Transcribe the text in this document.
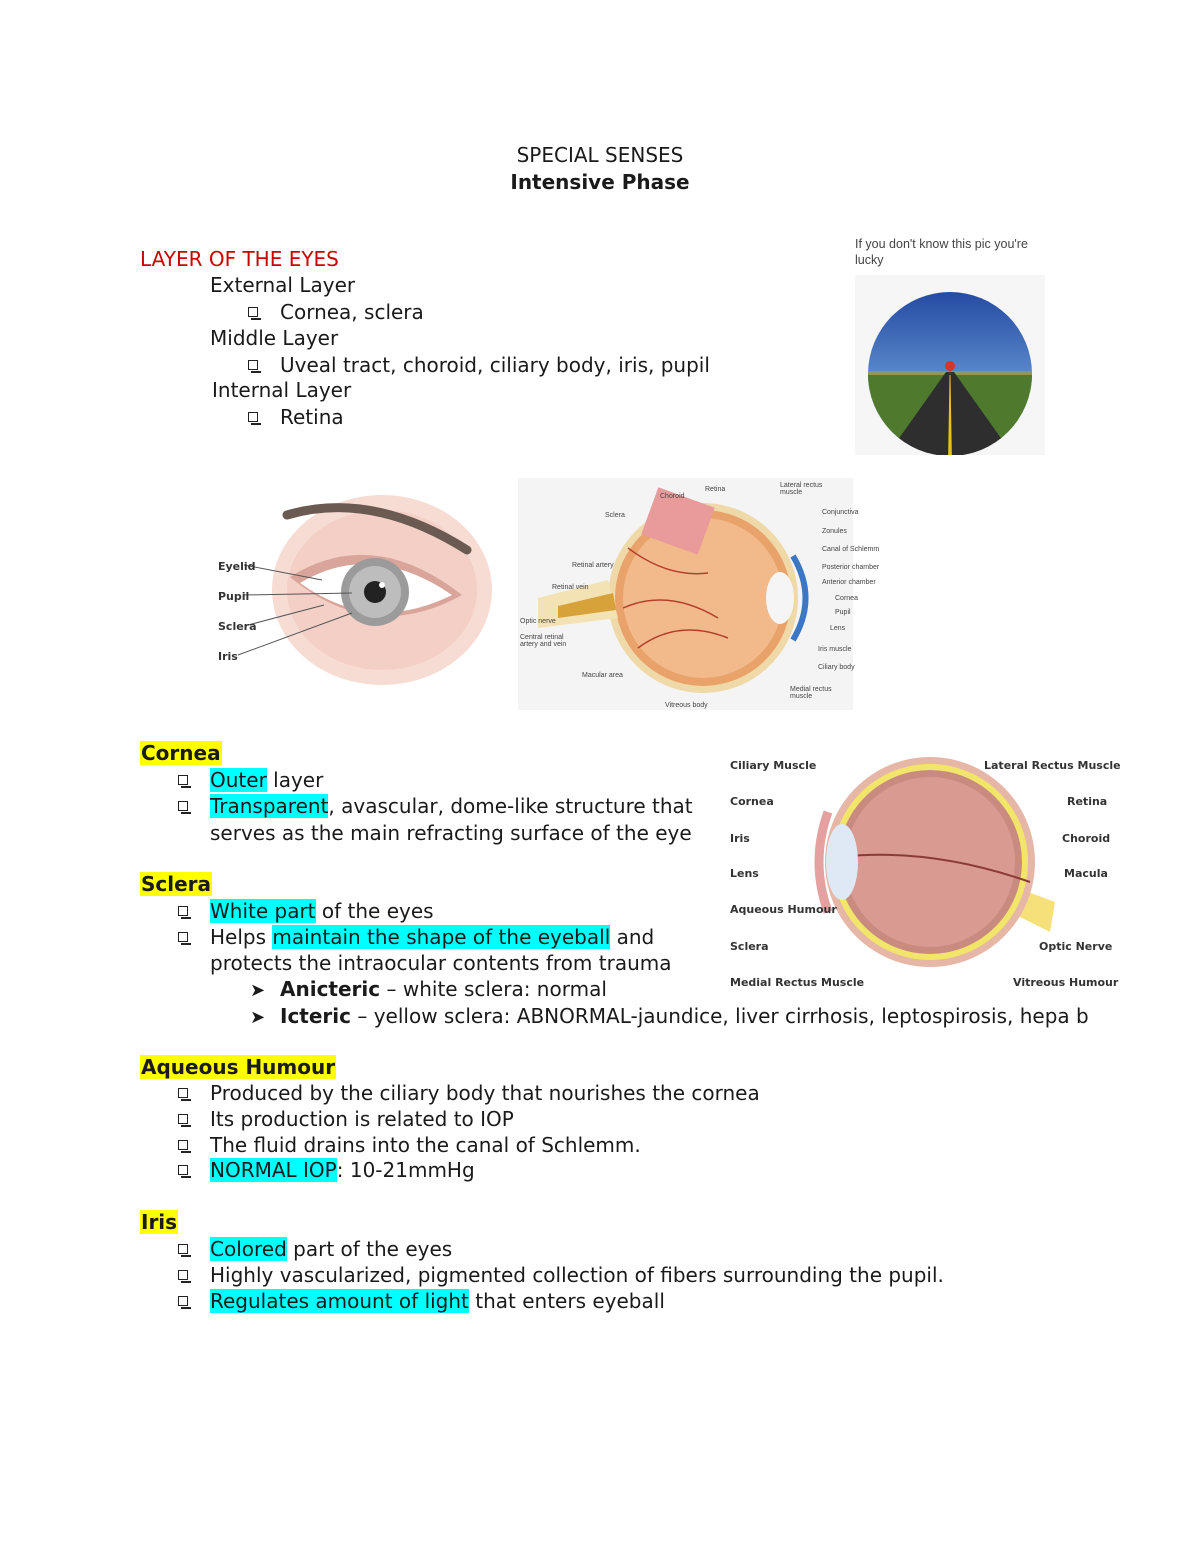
SPECIAL SENSES
Intensive Phase
LAYER OF THE EYES
External Layer
Cornea, sclera
Middle Layer
Uveal tract, choroid, ciliary body, iris, pupil
Internal Layer
Retina
If you don't know this pic you're lucky
Eyelid
Pupil
Sclera
Iris
Sclera
Retinal artery
Retinal vein
Optic nerve
Central retinal artery and vein
Macular area
Choroid
Retina
Lateral rectus muscle
Conjunctiva
Zonules
Canal of Schlemm
Posterior chamber
Anterior chamber
Cornea
Pupil
Lens
Iris muscle
Ciliary body
Medial rectus muscle
Vitreous body
Cornea
Outer layer
Transparent, avascular, dome-like structure that
serves as the main refracting surface of the eye
Ciliary Muscle
Cornea
Iris
Lens
Aqueous Humour
Sclera
Medial Rectus Muscle
Lateral Rectus Muscle
Retina
Choroid
Macula
Optic Nerve
Vitreous Humour
Sclera
White part of the eyes
Helps maintain the shape of the eyeball and
protects the intraocular contents from trauma
➤ Anicteric – white sclera: normal
➤ Icteric – yellow sclera: ABNORMAL-jaundice, liver cirrhosis, leptospirosis, hepa b
Aqueous Humour
Produced by the ciliary body that nourishes the cornea
Its production is related to IOP
The fluid drains into the canal of Schlemm.
NORMAL IOP: 10-21mmHg
Iris
Colored part of the eyes
Highly vascularized, pigmented collection of fibers surrounding the pupil.
Regulates amount of light that enters eyeball
